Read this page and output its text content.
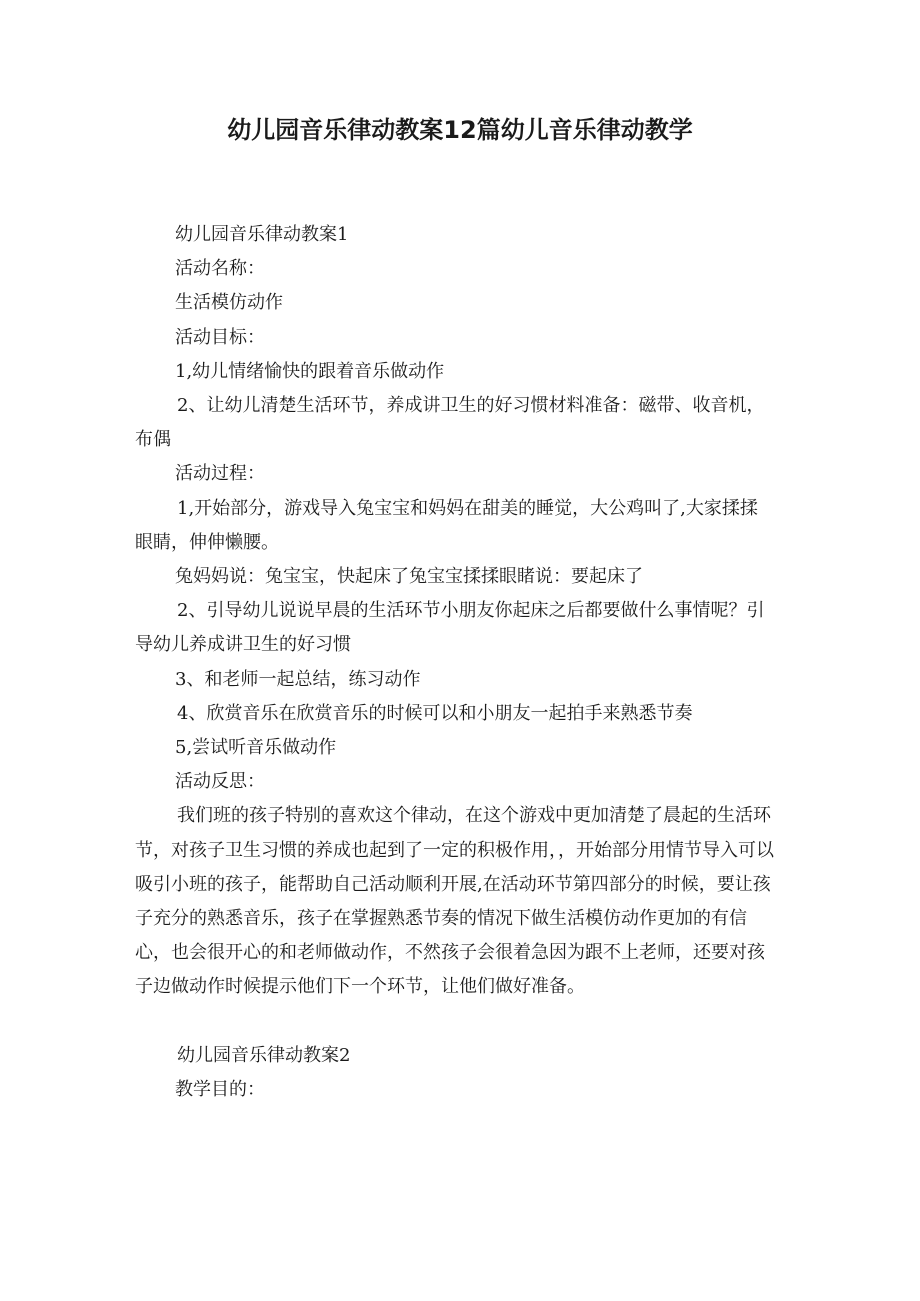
幼儿园音乐律动教案12篇幼儿音乐律动教学

幼儿园音乐律动教案1

活动名称：

生活模仿动作

活动目标：

1,幼儿情绪愉快的跟着音乐做动作

2、让幼儿清楚生活环节，养成讲卫生的好习惯材料准备：磁带、收音机，布偶

活动过程：

1,开始部分，游戏导入兔宝宝和妈妈在甜美的睡觉，大公鸡叫了,大家揉揉眼睛，伸伸懒腰。

兔妈妈说：兔宝宝，快起床了兔宝宝揉揉眼睹说：要起床了

2、引导幼儿说说早晨的生活环节小朋友你起床之后都要做什么事情呢？引导幼儿养成讲卫生的好习惯

3、和老师一起总结，练习动作

4、欣赏音乐在欣赏音乐的时候可以和小朋友一起拍手来熟悉节奏

5,尝试听音乐做动作

活动反思：

我们班的孩子特别的喜欢这个律动，在这个游戏中更加清楚了晨起的生活环节，对孩子卫生习惯的养成也起到了一定的积极作用，，开始部分用情节导入可以吸引小班的孩子，能帮助自己活动顺利开展,在活动环节第四部分的时候，要让孩子充分的熟悉音乐，孩子在掌握熟悉节奏的情况下做生活模仿动作更加的有信心，也会很开心的和老师做动作，不然孩子会很着急因为跟不上老师，还要对孩子边做动作时候提示他们下一个环节，让他们做好准备。

幼儿园音乐律动教案2

教学目的：
